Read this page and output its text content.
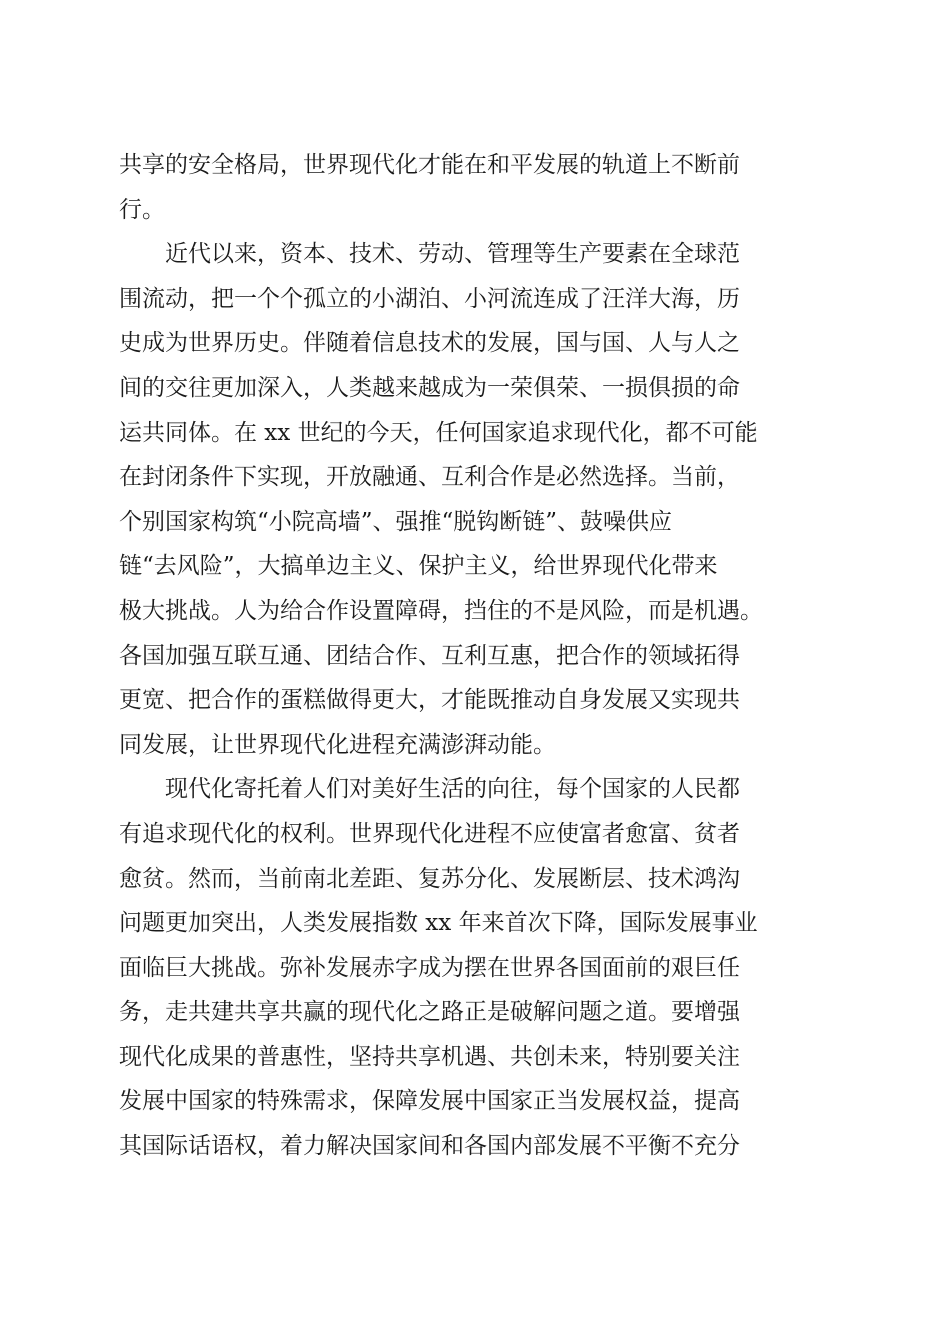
共享的安全格局，世界现代化才能在和平发展的轨道上不断前
行。
近代以来，资本、技术、劳动、管理等生产要素在全球范
围流动，把一个个孤立的小湖泊、小河流连成了汪洋大海，历
史成为世界历史。伴随着信息技术的发展，国与国、人与人之
间的交往更加深入，人类越来越成为一荣俱荣、一损俱损的命
运共同体。在 xx 世纪的今天，任何国家追求现代化，都不可能
在封闭条件下实现，开放融通、互利合作是必然选择。当前，
个别国家构筑“小院高墙”、强推“脱钩断链”、鼓噪供应
链“去风险”，大搞单边主义、保护主义，给世界现代化带来
极大挑战。人为给合作设置障碍，挡住的不是风险，而是机遇。
各国加强互联互通、团结合作、互利互惠，把合作的领域拓得
更宽、把合作的蛋糕做得更大，才能既推动自身发展又实现共
同发展，让世界现代化进程充满澎湃动能。
现代化寄托着人们对美好生活的向往，每个国家的人民都
有追求现代化的权利。世界现代化进程不应使富者愈富、贫者
愈贫。然而，当前南北差距、复苏分化、发展断层、技术鸿沟
问题更加突出，人类发展指数 xx 年来首次下降，国际发展事业
面临巨大挑战。弥补发展赤字成为摆在世界各国面前的艰巨任
务，走共建共享共赢的现代化之路正是破解问题之道。要增强
现代化成果的普惠性，坚持共享机遇、共创未来，特别要关注
发展中国家的特殊需求，保障发展中国家正当发展权益，提高
其国际话语权，着力解决国家间和各国内部发展不平衡不充分
